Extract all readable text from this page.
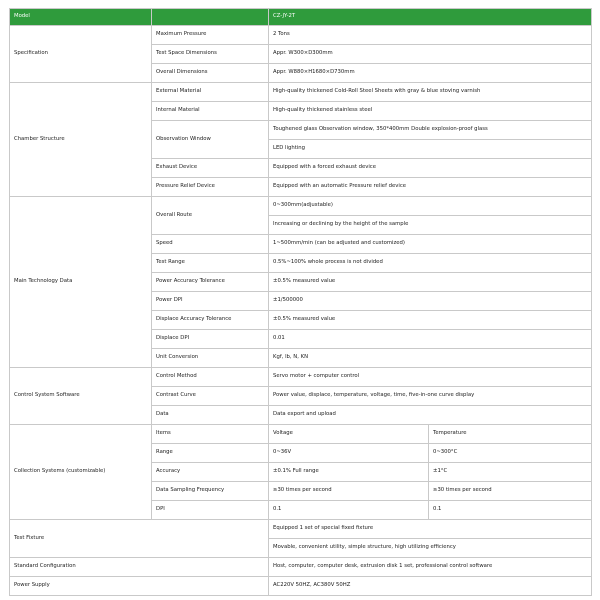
Model		CZ-JY-2T	
Specification	Maximum Pressure	2 Tons	
	Test Space Dimensions	Appr. W300×D300mm	
	Overall Dimensions	Appr. W880×H1680×D730mm	
Chamber Structure	External Material	High-quality thickened Cold-Roll Steel Sheets with gray & blue stoving varnish	
	Internal Material	High-quality thickened stainless steel	
	Observation Window	Toughened glass Observation window, 350*400mm Double explosion-proof glass	
		LED lighting	
	Exhaust Device	Equipped with a forced exhaust device	
	Pressure Relief Device	Equipped with an automatic Pressure relief device	
Main Technology Data	Overall Route	0~300mm(adjustable)	
		Increasing or declining by the height of the sample	
	Speed	1~500mm/min (can be adjusted and customized)	
	Test Range	0.5%~100% whole process is not divided	
	Power Accuracy Tolerance	±0.5% measured value	
	Power DPI	±1/500000	
	Displace Accuracy Tolerance	±0.5% measured value	
	Displace DPI	0.01	
	Unit Conversion	Kgf, lb, N, KN	
Control System Software	Control Method	Servo motor + computer control	
	Contrast Curve	Power value, displace, temperature, voltage, time, five-in-one curve display	
	Data	Data export and upload	
Collection Systems (customizable)	Items	Voltage	Temperature
	Range	0~36V	0~300°C
	Accuracy	±0.1% Full range	±1°C
	Data Sampling Frequency	≥30 times per second	≥30 times per second
	DPI	0.1	0.1
Test Fixture		Equipped 1 set of special fixed fixture	
		Movable, convenient utility, simple structure, high utilizing efficiency	
Standard Configuration		Host, computer, computer desk, extrusion disk 1 set, professional control software	
Power Supply		AC220V 50HZ, AC380V 50HZ	
